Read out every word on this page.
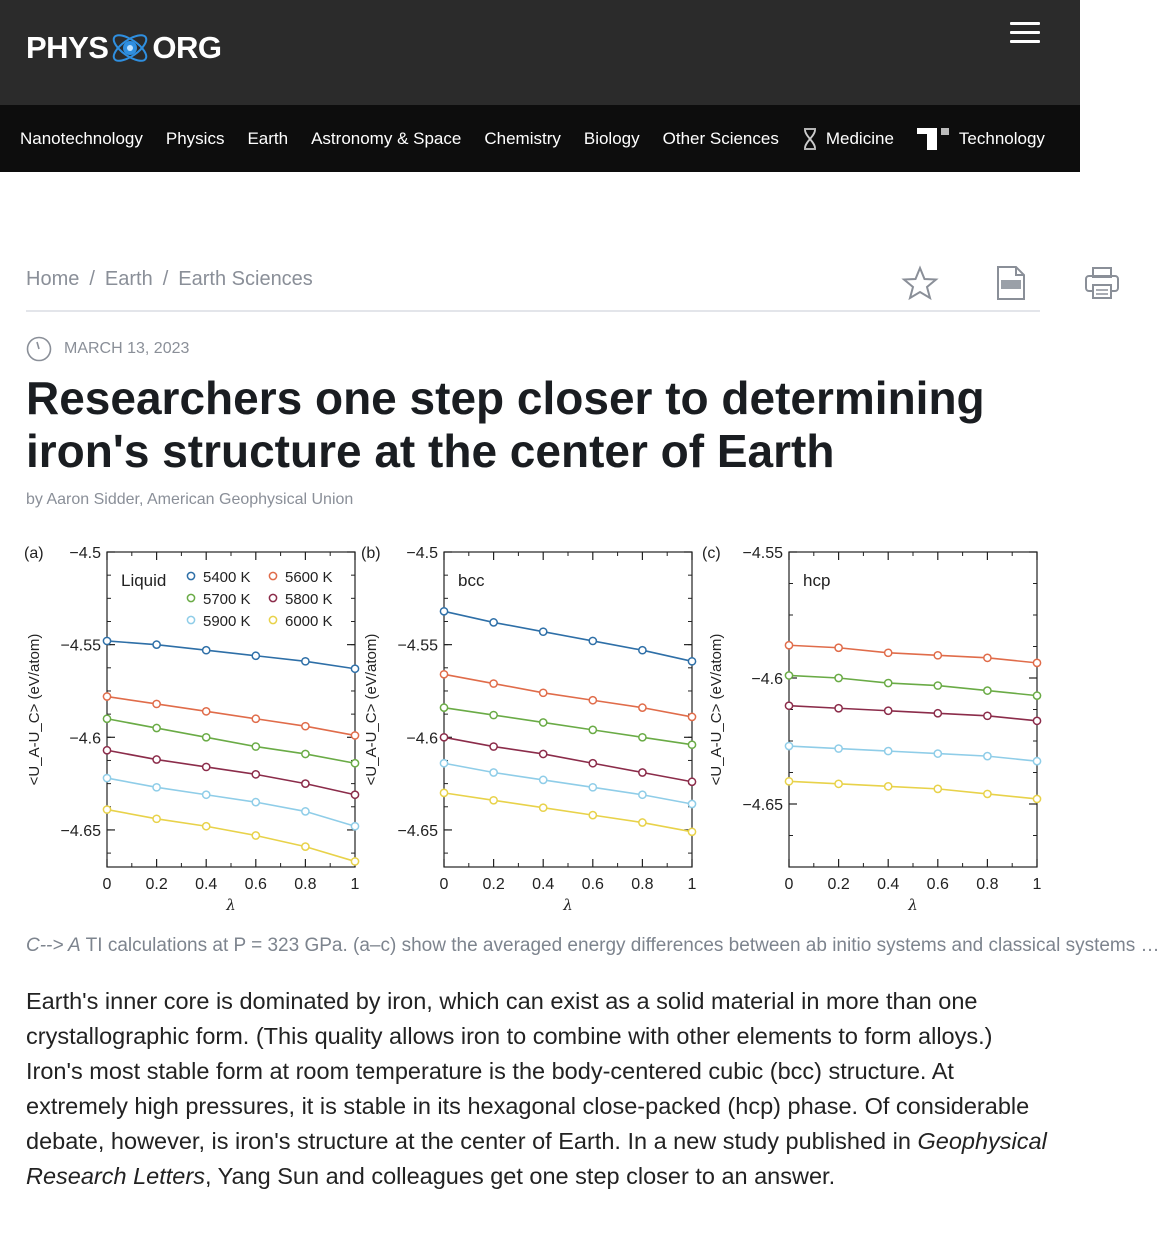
PHYS ORG
Nanotechnology Physics Earth Astronomy & Space Chemistry Biology Other Sciences	Medicine	Technology
Home / Earth / Earth Sciences
MARCH 13, 2023
Researchers one step closer to determining iron's structure at the center of Earth
by Aaron Sidder, American Geophysical Union
(a) −4.5
−4.55
−4.6
−4.65
0 0.2 0.4 0.6 0.8 1
λ
<U_A-U_C> (eV/atom)
Liquid 5400 K 5600 K
5700 K 5800 K
5900 K 6000 K
(b) −4.5
−4.55
−4.6
−4.65
0 0.2 0.4 0.6 0.8 1
λ
<U_A-U_C> (eV/atom)
bcc
(c) −4.55
−4.6
−4.65
0 0.2 0.4 0.6 0.8 1
λ
<U_A-U_C> (eV/atom)
hcp
C--> A TI calculations at P = 323 GPa. (a–c) show the averaged energy differences between ab initio systems and classical systems …
Earth's inner core is dominated by iron, which can exist as a solid material in more than one crystallographic form. (This quality allows iron to combine with other elements to form alloys.) Iron's most stable form at room temperature is the body-centered cubic (bcc) structure. At extremely high pressures, it is stable in its hexagonal close-packed (hcp) phase. Of considerable debate, however, is iron's structure at the center of Earth. In a new study published in Geophysical Research Letters, Yang Sun and colleagues get one step closer to an answer.
